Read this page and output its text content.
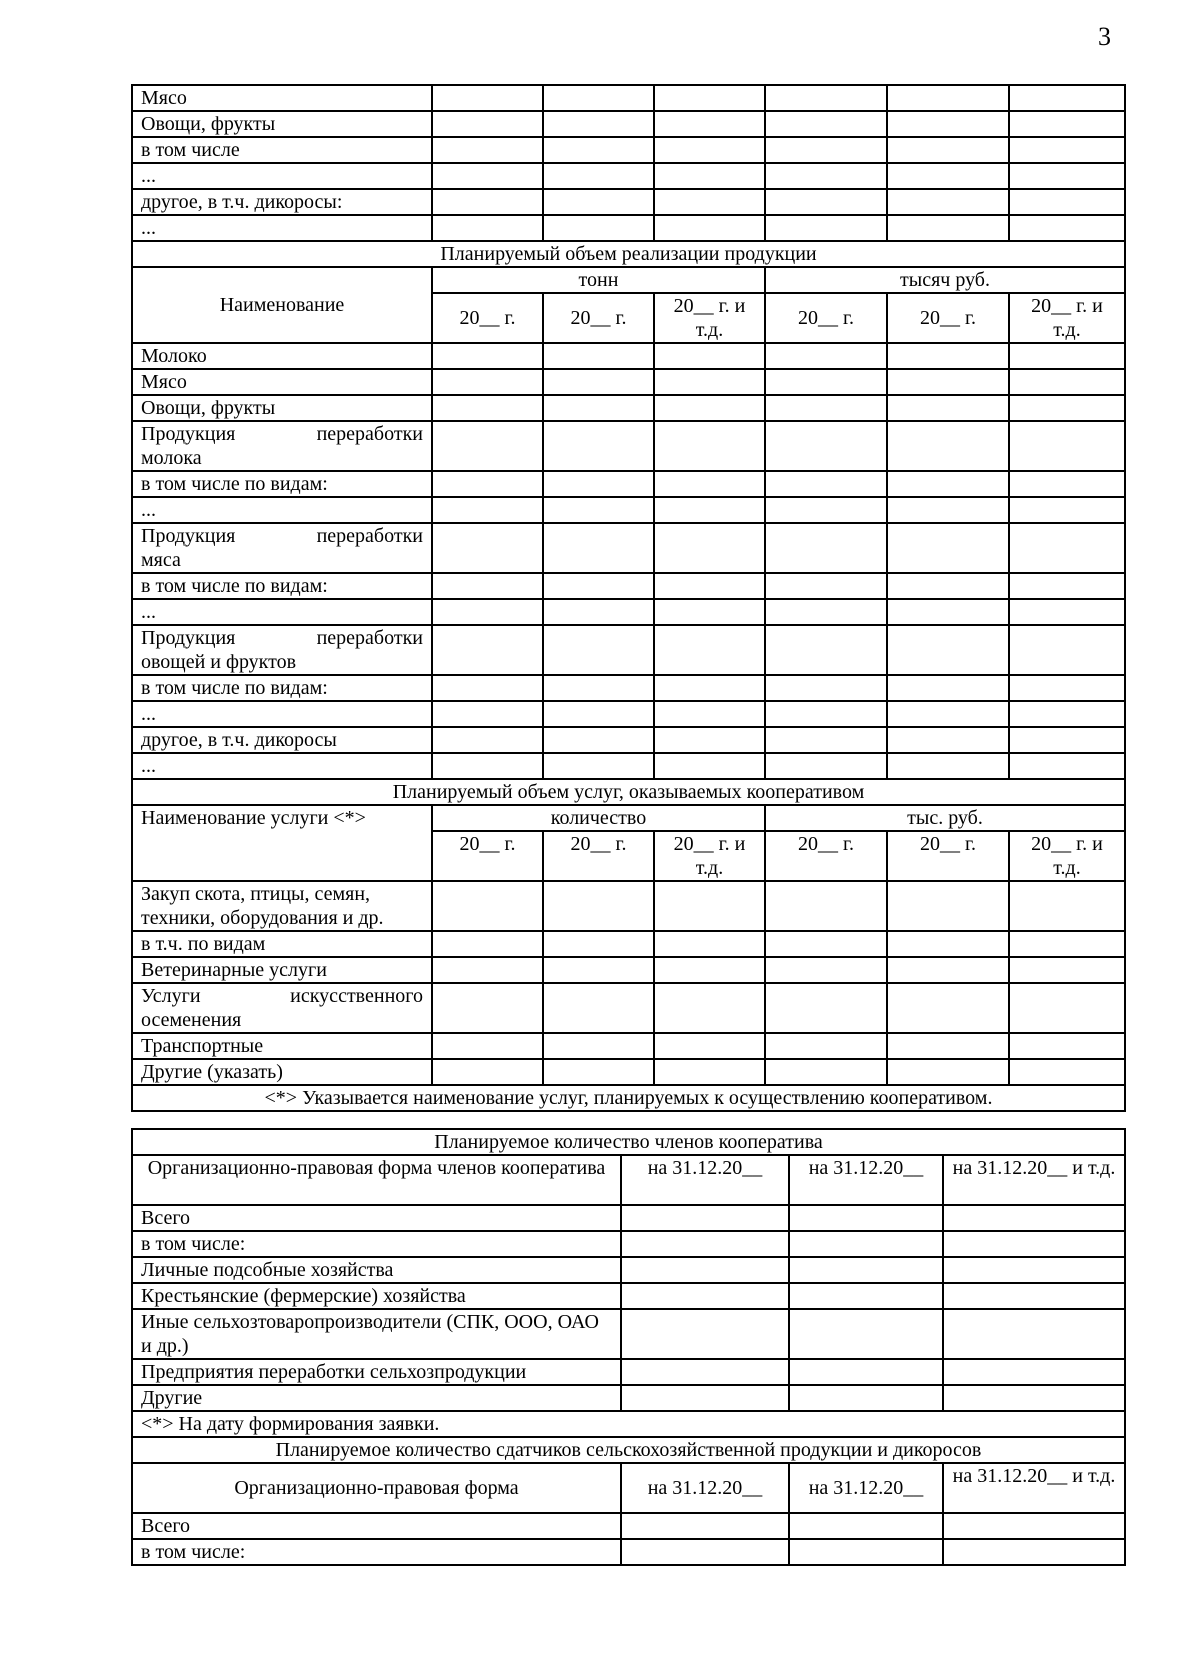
3
Мясо						
Овощи, фрукты						
в том числе						
...						
другое, в т.ч. дикоросы:						
...						
Планируемый объем реализации продукции						
Наименование	тонн			тысяч руб.		
	20__ г.	20__ г.	20__ г. и т.д.	20__ г.	20__ г.	20__ г. и т.д.
Молоко						
Мясо						
Овощи, фрукты						

Продукция переработки
молока						

в том числе по видам:						
...						

Продукция переработки
мяса						

в том числе по видам:						
...						

Продукция переработки
овощей и фруктов						

в том числе по видам:						
...						
другое, в т.ч. дикоросы						
...						
Планируемый объем услуг, оказываемых кооперативом						
Наименование услуги <*>	количество			тыс. руб.		
	20__ г.	20__ г.	20__ г. и т.д.	20__ г.	20__ г.	20__ г. и т.д.

Закуп скота, птицы, семян,
техники, оборудования и др.						

в т.ч. по видам						
Ветеринарные услуги						

Услуги искусственного
осеменения						

Транспортные						
Другие (указать)						
<*> Указывается наименование услуг, планируемых к осуществлению кооперативом.						
Планируемое количество членов кооператива			
Организационно-правовая форма членов кооператива	на 31.12.20__	на 31.12.20__	на 31.12.20__ и т.д.
Всего			
в том числе:			
Личные подсобные хозяйства			
Крестьянские (фермерские) хозяйства			
Иные сельхозтоваропроизводители (СПК, ООО, ОАО и др.)			
Предприятия переработки сельхозпродукции			
Другие			
<*> На дату формирования заявки.			
Планируемое количество сдатчиков сельскохозяйственной продукции и дикоросов			
Организационно-правовая форма	на 31.12.20__	на 31.12.20__	на 31.12.20__ и т.д.
Всего			
в том числе:			
